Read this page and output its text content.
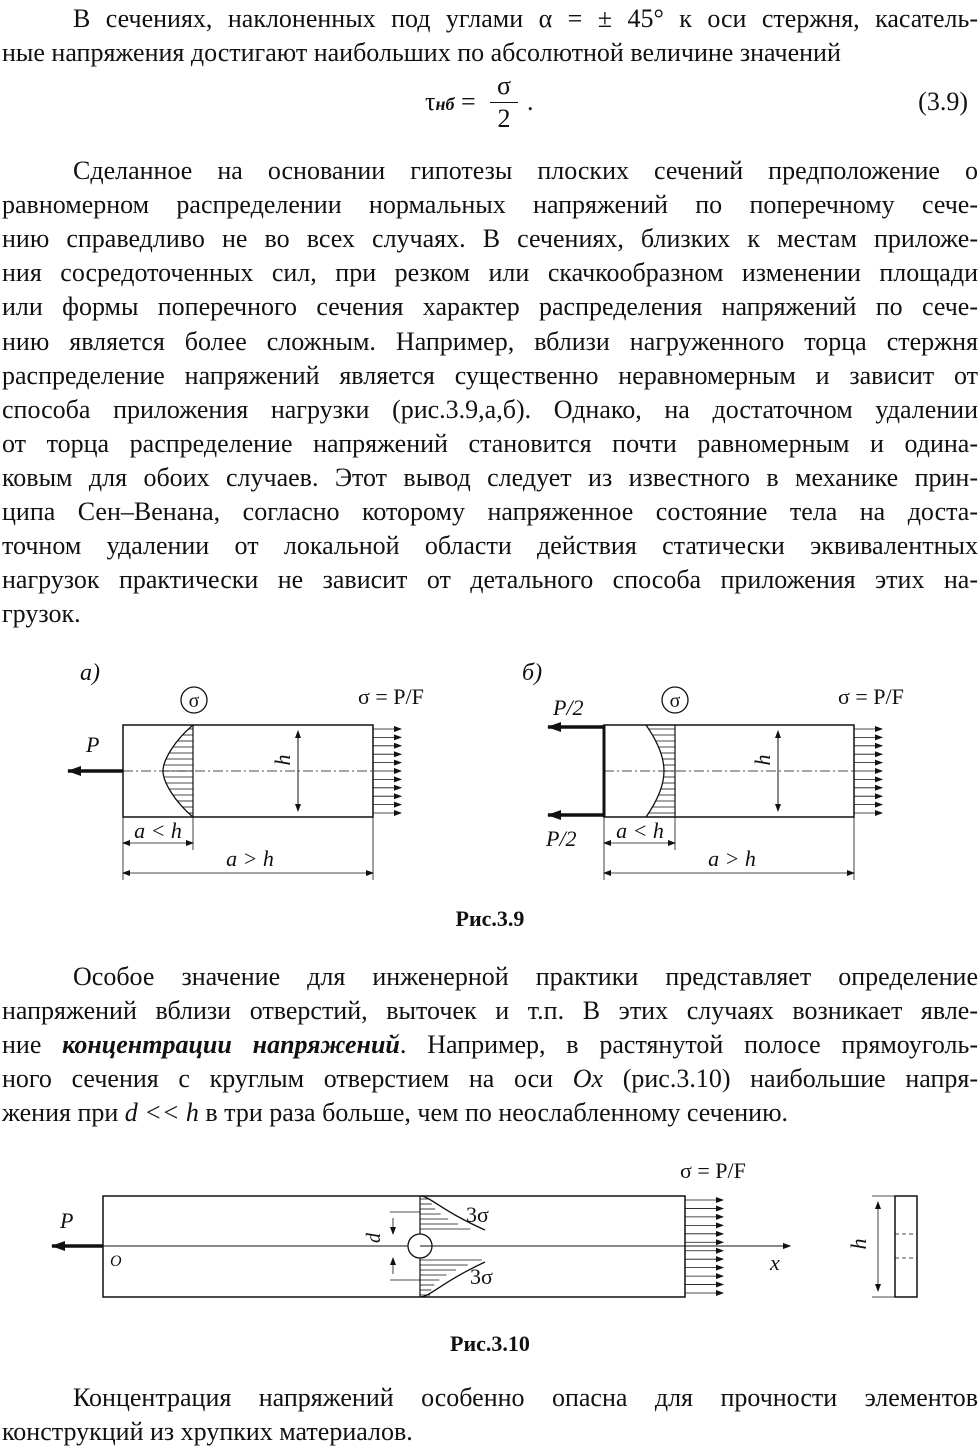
В сечениях, наклоненных под углами α = ± 45° к оси стержня, касатель-
ные напряжения достигают наибольших по абсолютной величине значений
τнб =
σ
2
.	(3.9)
Сделанное на основании гипотезы плоских сечений предположение о
равномерном распределении нормальных напряжений по поперечному сече-
нию справедливо не во всех случаях. В сечениях, близких к местам приложе-
ния сосредоточенных сил, при резком или скачкообразном изменении площади
или формы поперечного сечения характер распределения напряжений по сече-
нию является более сложным. Например, вблизи нагруженного торца стержня
распределение напряжений является существенно неравномерным и зависит от
способа приложения нагрузки (рис.3.9,а,б). Однако, на достаточном удалении
от торца распределение напряжений становится почти равномерным и одина-
ковым для обоих случаев. Этот вывод следует из известного в механике прин-
ципа Сен–Венана, согласно которому напряженное состояние тела на доста-
точном удалении от локальной области действия статически эквивалентных
нагрузок практически не зависит от детального способа приложения этих на-
грузок.
а)
σ	σ = P/F
P
h
a < h
a > h
б)
σ	σ = P/F
P/2
P/2
h
a < h
a > h
Рис.3.9
Особое значение для инженерной практики представляет определение
напряжений вблизи отверстий, выточек и т.п. В этих случаях возникает явле-
ние концентрации напряжений. Например, в растянутой полосе прямоуголь-
ного сечения с круглым отверстием на оси Ox (рис.3.10) наибольшие напря-
жения при d << h в три раза больше, чем по неослабленному сечению.
σ = P/F
P
O	x
3σ
3σ
d
h
Рис.3.10
Концентрация напряжений особенно опасна для прочности элементов
конструкций из хрупких материалов.
